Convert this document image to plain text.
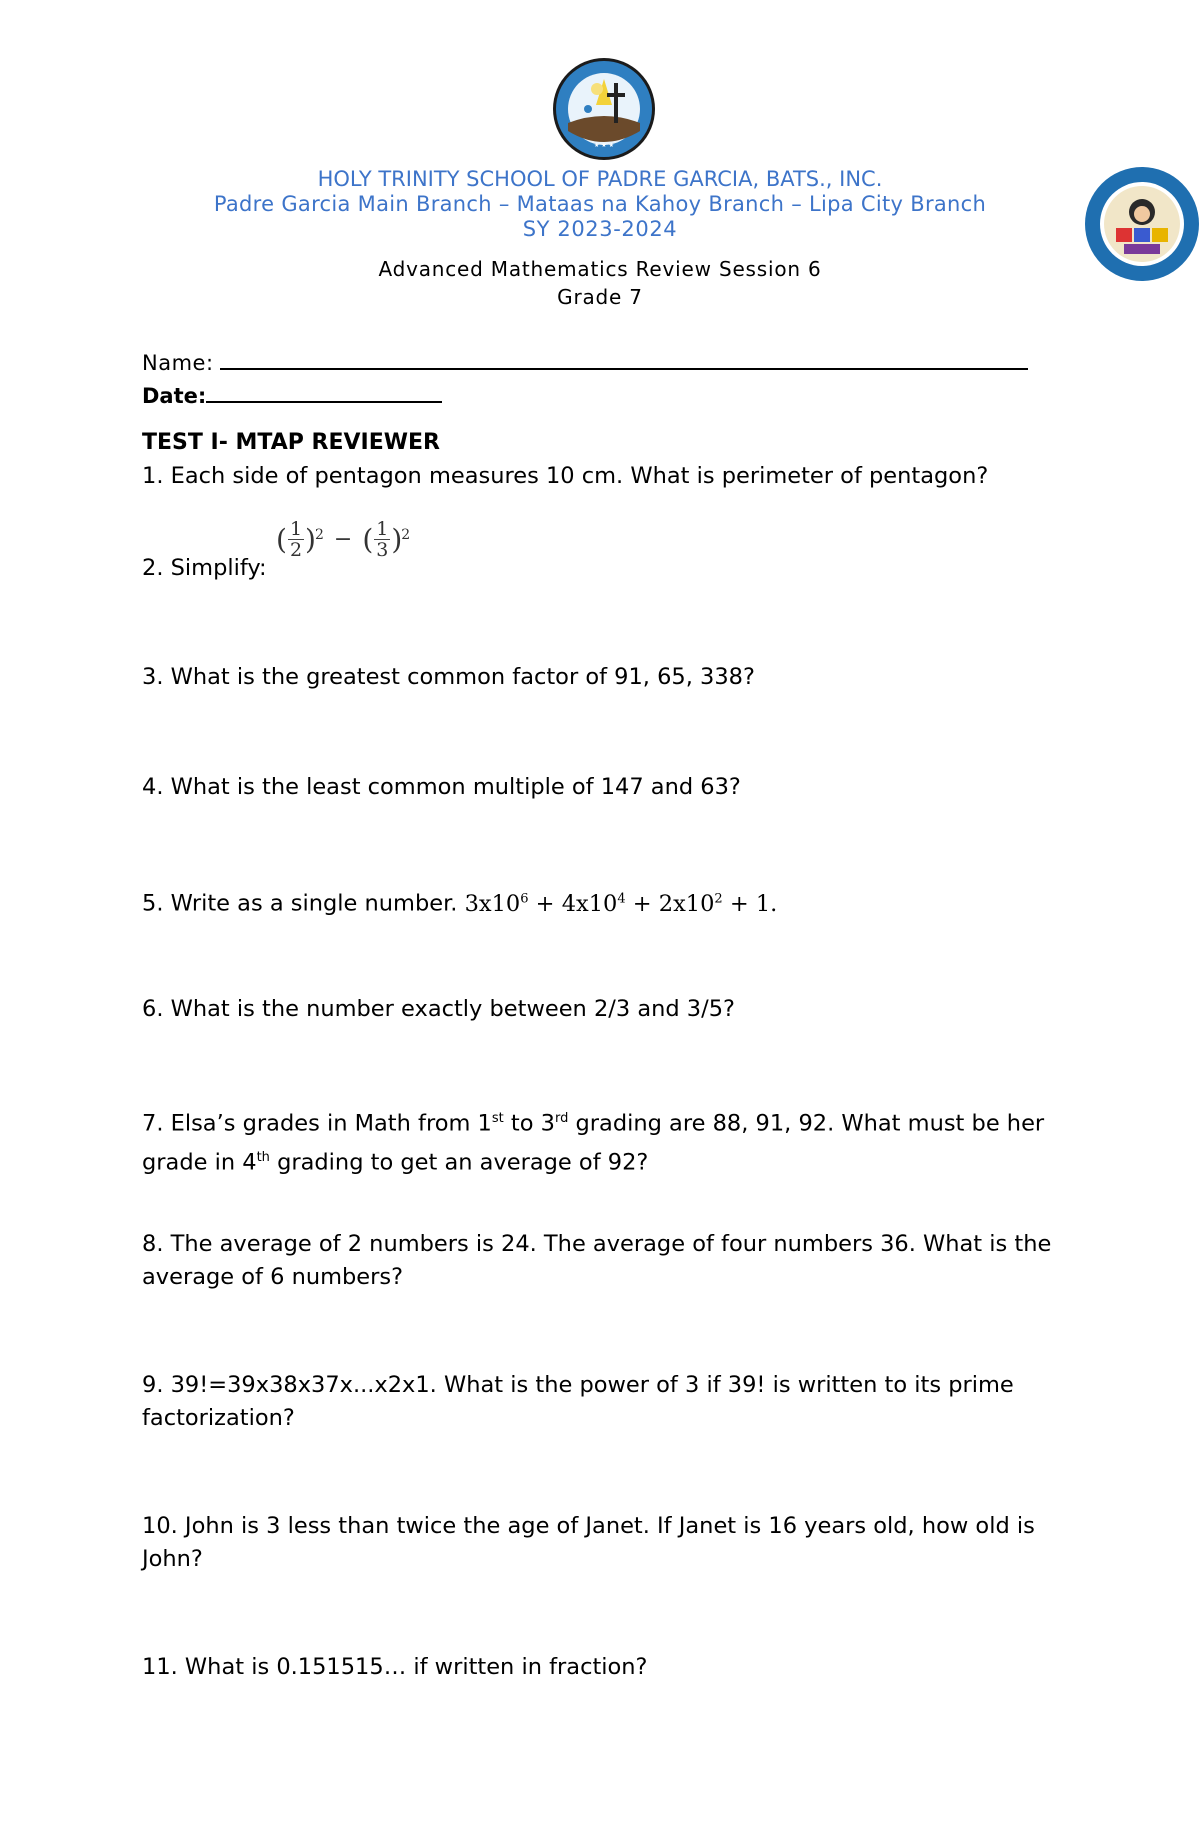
★ ★ ★
HOLY TRINITY SCHOOL OF PADRE GARCIA, BATS., INC.
Padre Garcia Main Branch – Mataas na Kahoy Branch – Lipa City Branch
SY 2023-2024
Advanced Mathematics Review Session 6
Grade 7
Name:
Date:
TEST I- MTAP REVIEWER
1. Each side of pentagon measures 10 cm. What is perimeter of pentagon?
2. Simplify:
( $\frac{1}{2}$ ) 2 − ( $\frac{1}{3}$ ) 2
3. What is the greatest common factor of 91, 65, 338?
4. What is the least common multiple of 147 and 63?
5. Write as a single number. $3x10^6 + 4x10^4 + 2x10^2 + 1$.
6. What is the number exactly between 2/3 and 3/5?
7. Elsa’s grades in Math from 1st to 3rd grading are 88, 91, 92. What must be her grade in 4th grading to get an average of 92?
8. The average of 2 numbers is 24. The average of four numbers 36. What is the average of 6 numbers?
9. 39!=39x38x37x...x2x1. What is the power of 3 if 39! is written to its prime factorization?
10. John is 3 less than twice the age of Janet. If Janet is 16 years old, how old is John?
11. What is 0.151515… if written in fraction?
